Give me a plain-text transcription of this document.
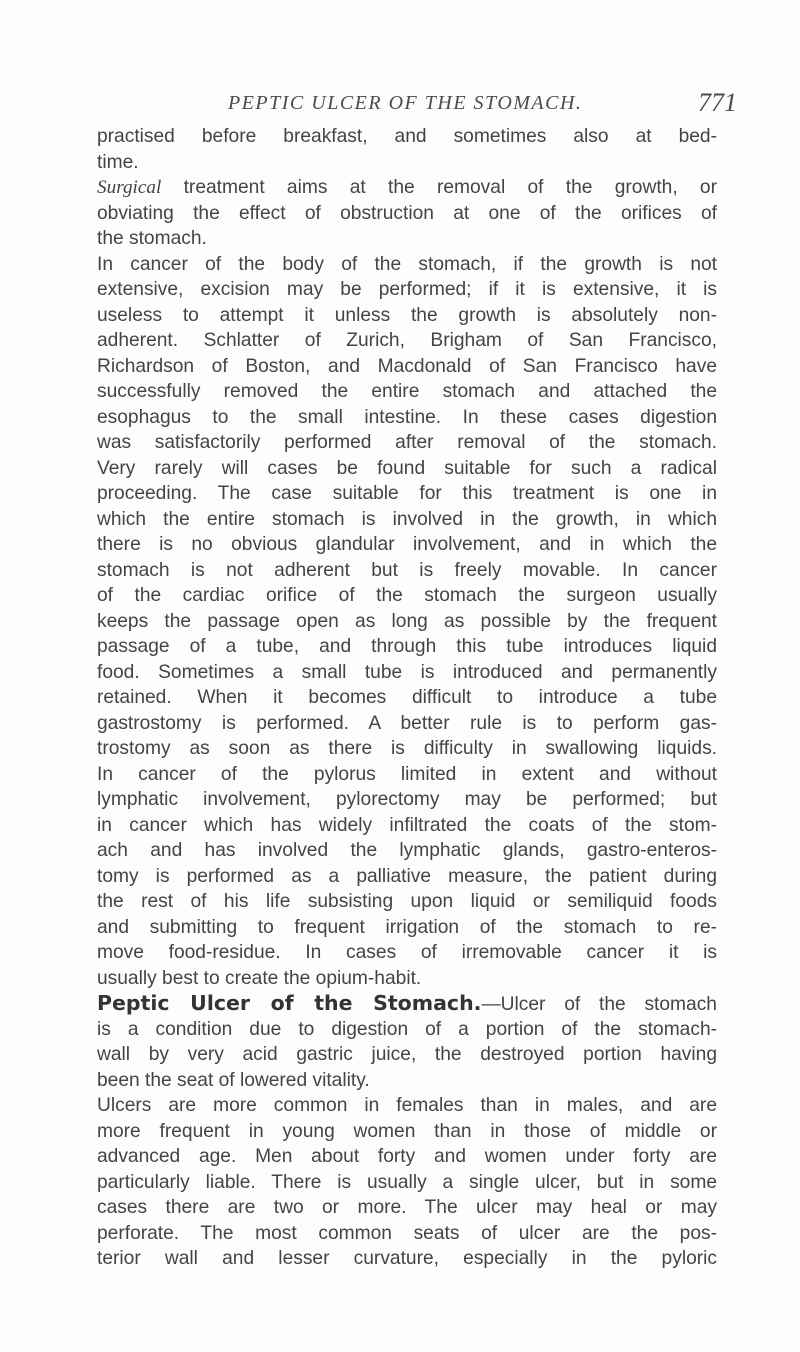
PEPTIC ULCER OF THE STOMACH.	771
practised before breakfast, and sometimes also at bed-
time.
Surgical treatment aims at the removal of the growth, or
obviating the effect of obstruction at one of the orifices of
the stomach.
In cancer of the body of the stomach, if the growth is not
extensive, excision may be performed; if it is extensive, it is
useless to attempt it unless the growth is absolutely non-
adherent. Schlatter of Zurich, Brigham of San Francisco,
Richardson of Boston, and Macdonald of San Francisco have
successfully removed the entire stomach and attached the
esophagus to the small intestine. In these cases digestion
was satisfactorily performed after removal of the stomach.
Very rarely will cases be found suitable for such a radical
proceeding. The case suitable for this treatment is one in
which the entire stomach is involved in the growth, in which
there is no obvious glandular involvement, and in which the
stomach is not adherent but is freely movable. In cancer
of the cardiac orifice of the stomach the surgeon usually
keeps the passage open as long as possible by the frequent
passage of a tube, and through this tube introduces liquid
food. Sometimes a small tube is introduced and permanently
retained. When it becomes difficult to introduce a tube
gastrostomy is performed. A better rule is to perform gas-
trostomy as soon as there is difficulty in swallowing liquids.
In cancer of the pylorus limited in extent and without
lymphatic involvement, pylorectomy may be performed; but
in cancer which has widely infiltrated the coats of the stom-
ach and has involved the lymphatic glands, gastro-enteros-
tomy is performed as a palliative measure, the patient during
the rest of his life subsisting upon liquid or semiliquid foods
and submitting to frequent irrigation of the stomach to re-
move food-residue. In cases of irremovable cancer it is
usually best to create the opium-habit.
Peptic Ulcer of the Stomach.—Ulcer of the stomach
is a condition due to digestion of a portion of the stomach-
wall by very acid gastric juice, the destroyed portion having
been the seat of lowered vitality.
Ulcers are more common in females than in males, and are
more frequent in young women than in those of middle or
advanced age. Men about forty and women under forty are
particularly liable. There is usually a single ulcer, but in some
cases there are two or more. The ulcer may heal or may
perforate. The most common seats of ulcer are the pos-
terior wall and lesser curvature, especially in the pyloric
